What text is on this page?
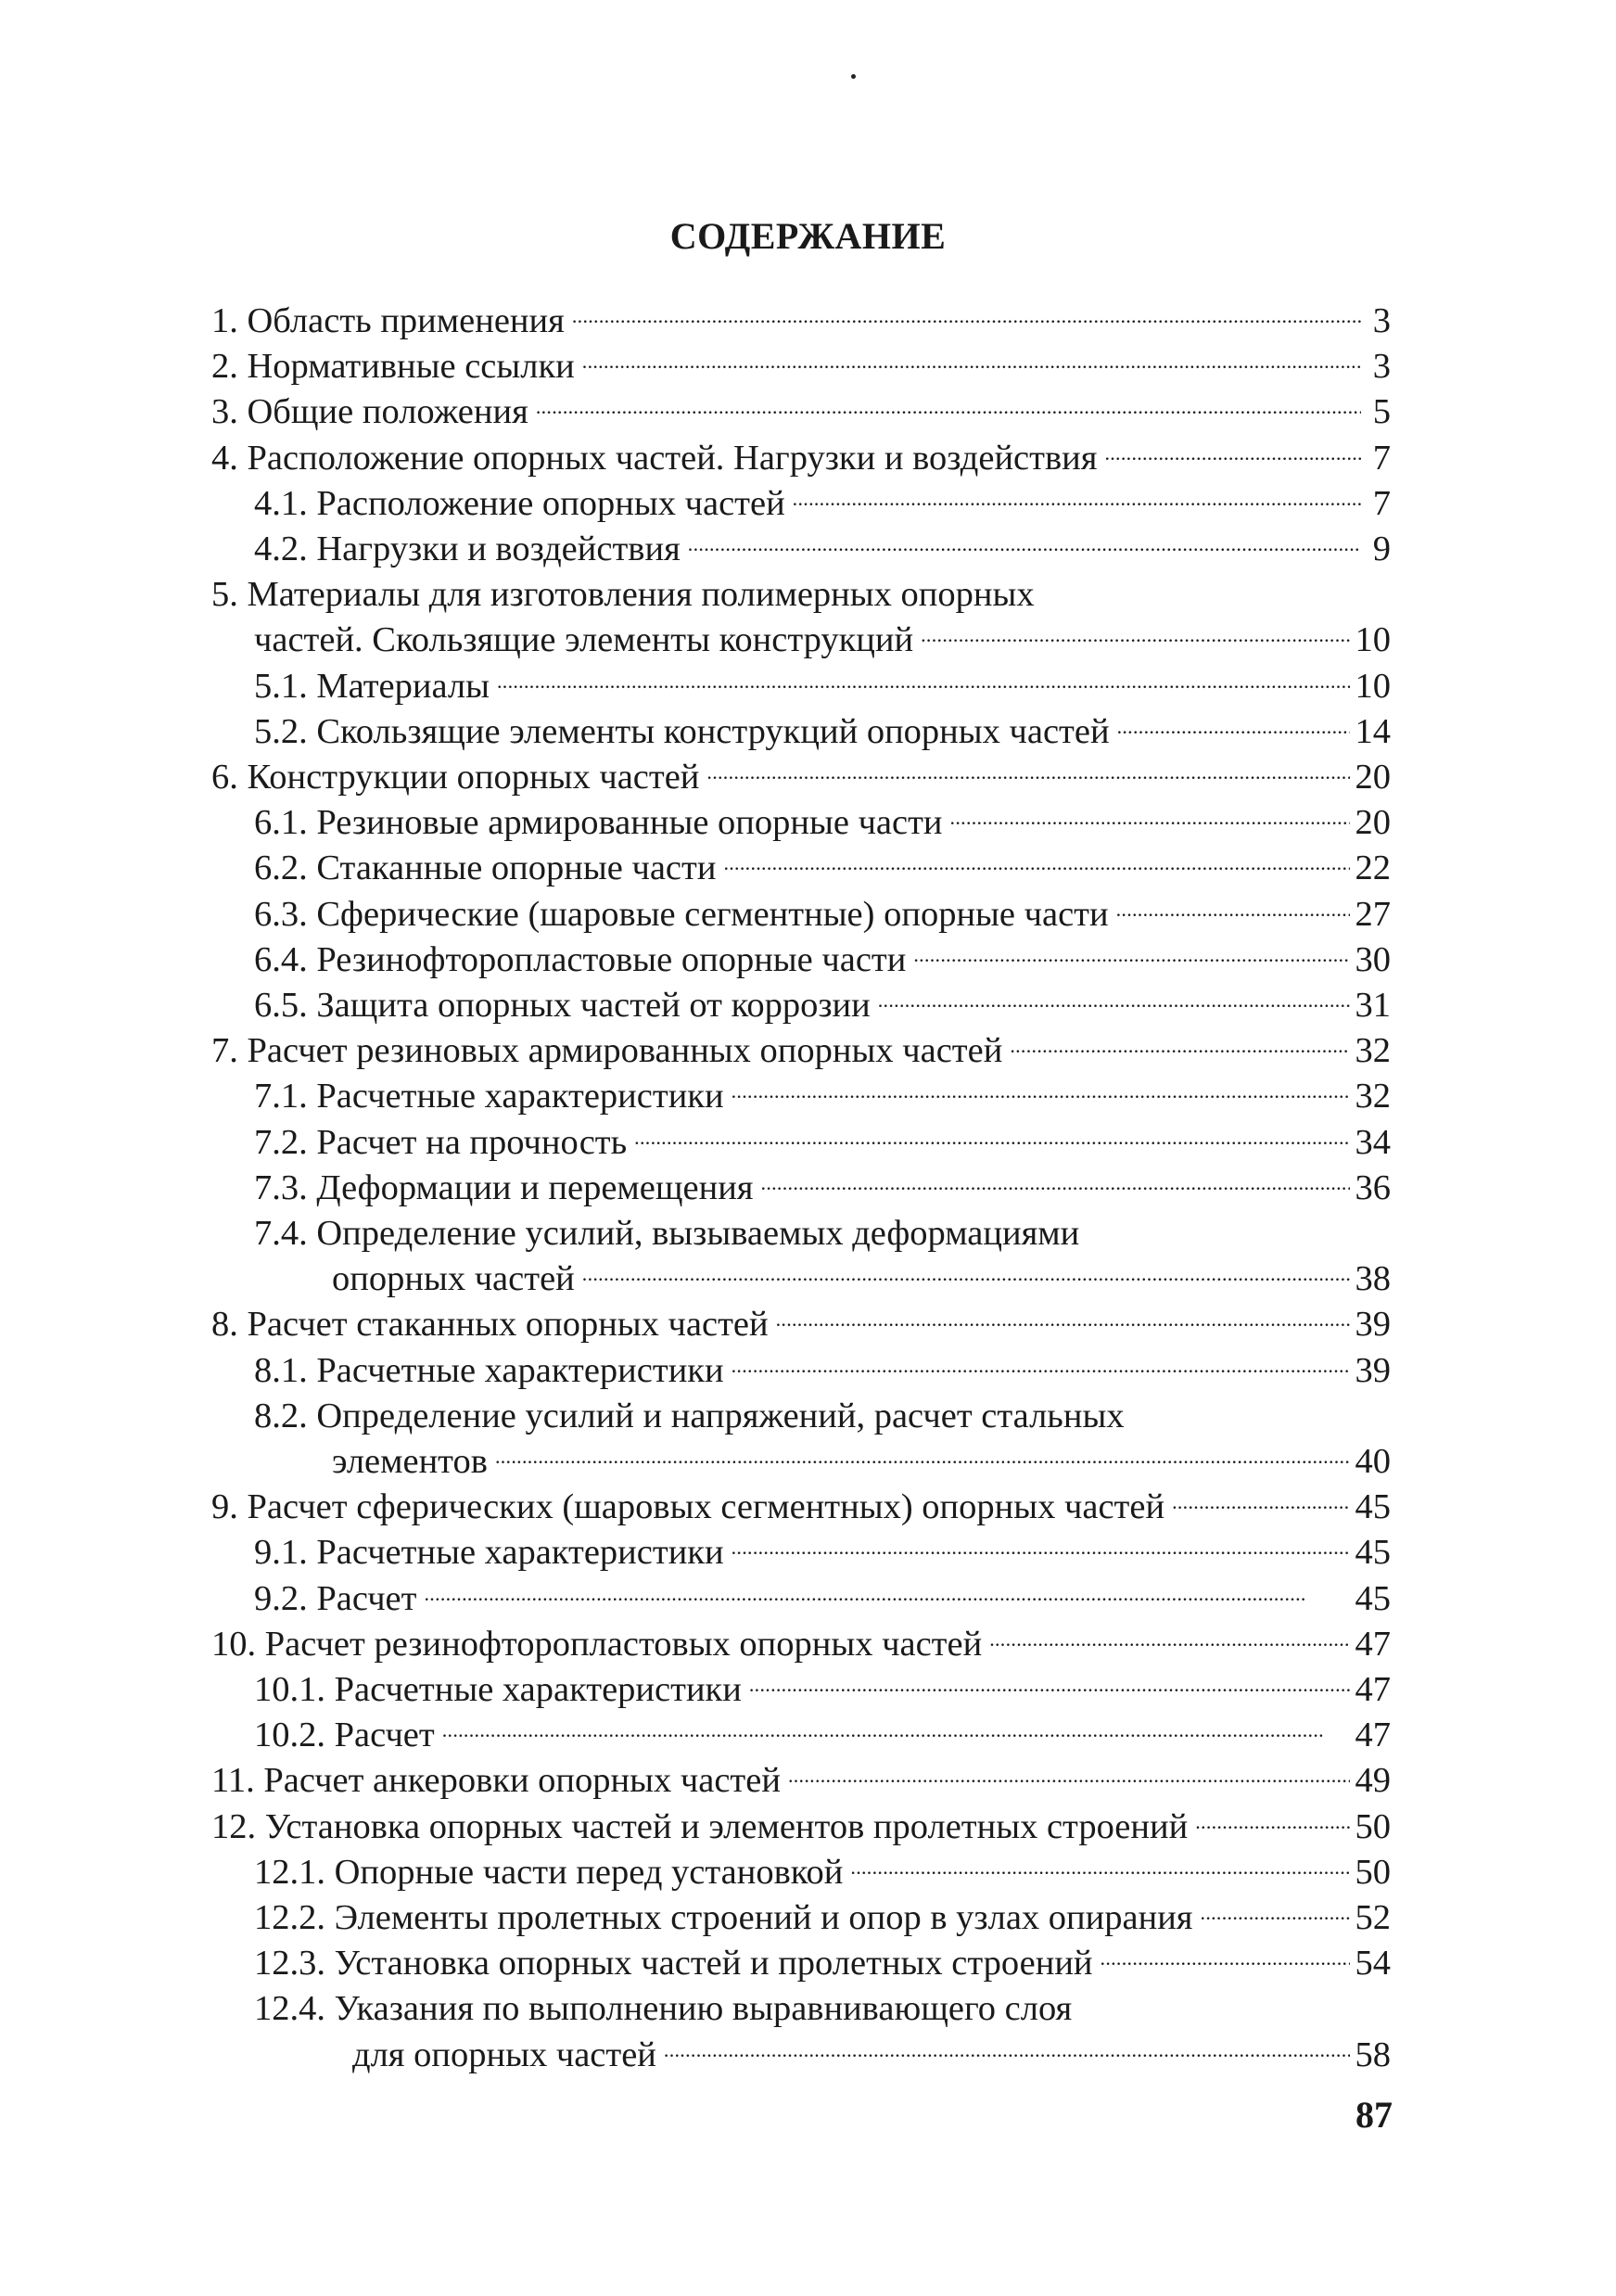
СОДЕРЖАНИЕ
1. Область применения . . .	3
2. Нормативные ссылки . . .	3
3. Общие положения . . .	5
4. Расположение опорных частей. Нагрузки и воздействия . . .	7
4.1. Расположение опорных частей . . .	7
4.2. Нагрузки и воздействия . . .	9
5. Материалы для изготовления полимерных опорных
частей. Скользящие элементы конструкций . . .	10
5.1. Материалы . . .	10
5.2. Скользящие элементы конструкций опорных частей . . .	14
6. Конструкции опорных частей . . .	20
6.1. Резиновые армированные опорные части . . .	20
6.2. Стаканные опорные части . . .	22
6.3. Сферические (шаровые сегментные) опорные части . . .	27
6.4. Резинофторопластовые опорные части . . .	30
6.5. Защита опорных частей от коррозии . . .	31
7. Расчет резиновых армированных опорных частей . . .	32
7.1. Расчетные характеристики . . .	32
7.2. Расчет на прочность . . .	34
7.3. Деформации и перемещения . . .	36
7.4. Определение усилий, вызываемых деформациями
опорных частей . . .	38
8. Расчет стаканных опорных частей . . .	39
8.1. Расчетные характеристики . . .	39
8.2. Определение усилий и напряжений, расчет стальных
элементов . . .	40
9. Расчет сферических (шаровых сегментных) опорных частей . . .	45
9.1. Расчетные характеристики . . .	45
9.2. Расчет . . .	45
10. Расчет резинофторопластовых опорных частей . . .	47
10.1. Расчетные характеристики . . .	47
10.2. Расчет . . .	47
11. Расчет анкеровки опорных частей . . .	49
12. Установка опорных частей и элементов пролетных строений . . .	50
12.1. Опорные части перед установкой . . .	50
12.2. Элементы пролетных строений и опор в узлах опирания . . .	52
12.3. Установка опорных частей и пролетных строений . . .	54
12.4. Указания по выполнению выравнивающего слоя
для опорных частей . . .	58
87
